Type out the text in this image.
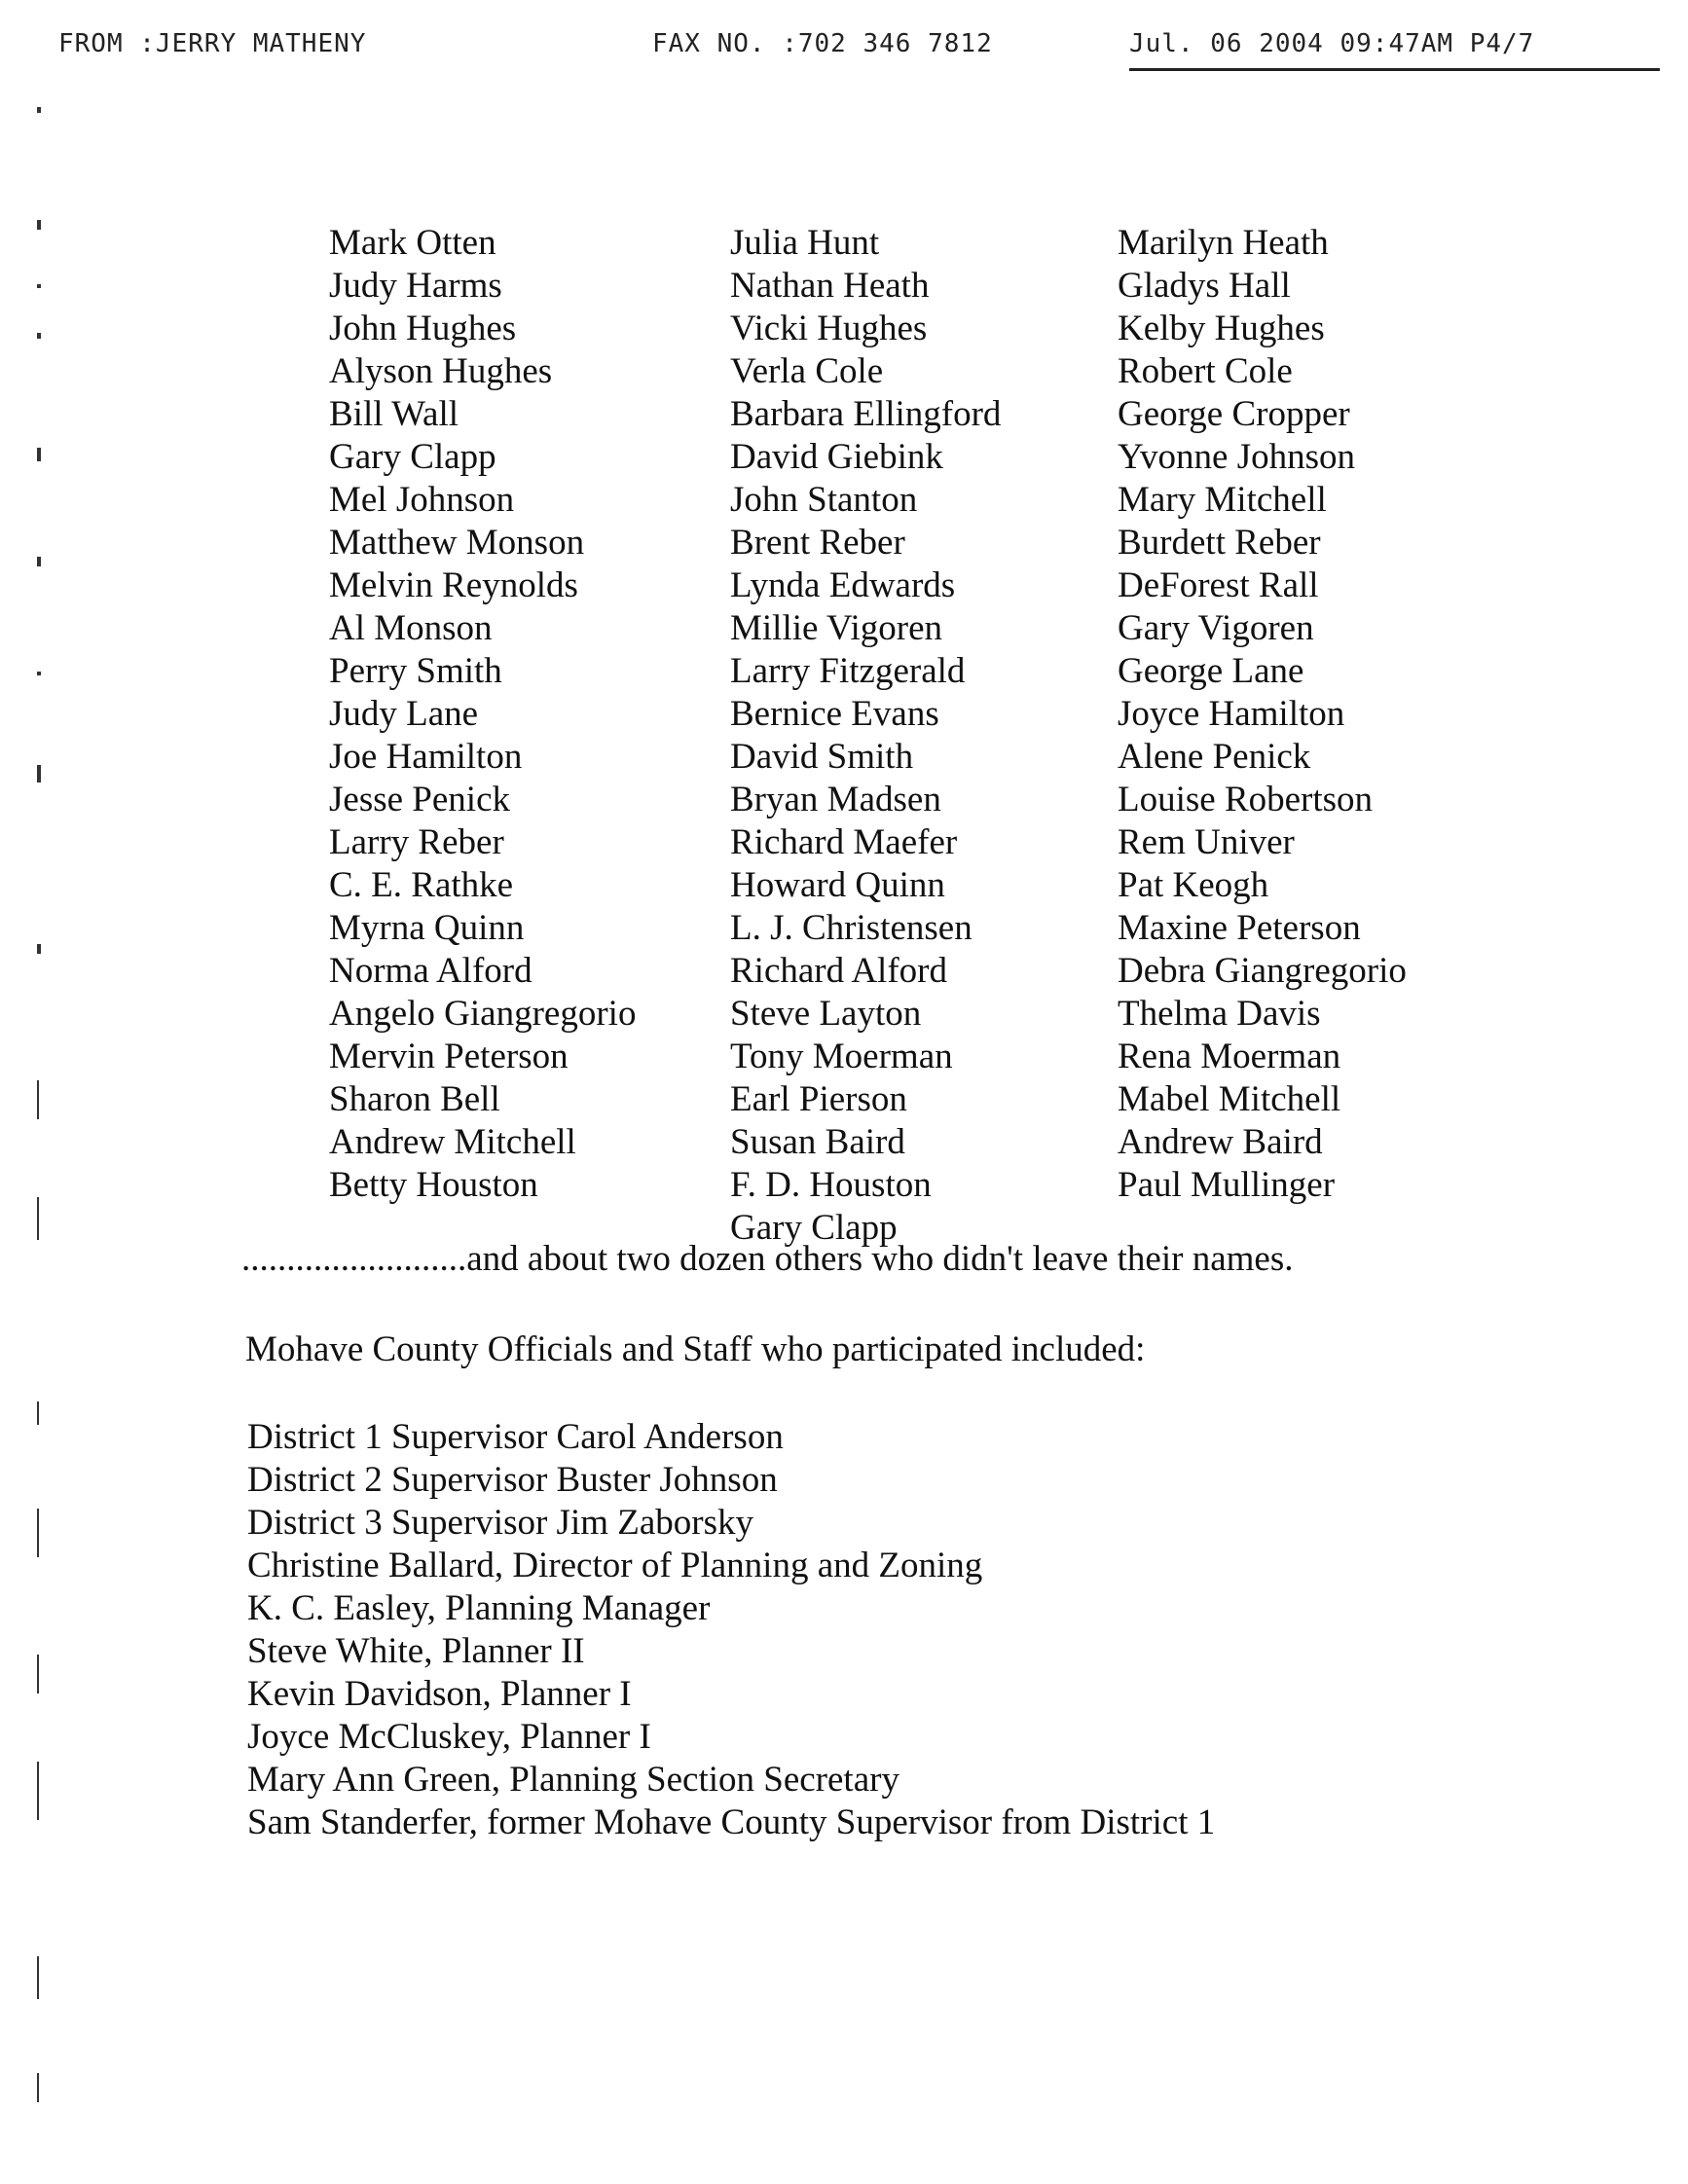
FROM :JERRY MATHENY	FAX NO. :702 346 7812	Jul. 06 2004 09:47AM P4/7
Mark Otten
Judy Harms
John Hughes
Alyson Hughes
Bill Wall
Gary Clapp
Mel Johnson
Matthew Monson
Melvin Reynolds
Al Monson
Perry Smith
Judy Lane
Joe Hamilton
Jesse Penick
Larry Reber
C. E. Rathke
Myrna Quinn
Norma Alford
Angelo Giangregorio
Mervin Peterson
Sharon Bell
Andrew Mitchell
Betty Houston
Julia Hunt
Nathan Heath
Vicki Hughes
Verla Cole
Barbara Ellingford
David Giebink
John Stanton
Brent Reber
Lynda Edwards
Millie Vigoren
Larry Fitzgerald
Bernice Evans
David Smith
Bryan Madsen
Richard Maefer
Howard Quinn
L. J. Christensen
Richard Alford
Steve Layton
Tony Moerman
Earl Pierson
Susan Baird
F. D. Houston
Gary Clapp
Marilyn Heath
Gladys Hall
Kelby Hughes
Robert Cole
George Cropper
Yvonne Johnson
Mary Mitchell
Burdett Reber
DeForest Rall
Gary Vigoren
George Lane
Joyce Hamilton
Alene Penick
Louise Robertson
Rem Univer
Pat Keogh
Maxine Peterson
Debra Giangregorio
Thelma Davis
Rena Moerman
Mabel Mitchell
Andrew Baird
Paul Mullinger
.........................and about two dozen others who didn't leave their names.
Mohave County Officials and Staff who participated included:
District 1 Supervisor Carol Anderson
District 2 Supervisor Buster Johnson
District 3 Supervisor Jim Zaborsky
Christine Ballard, Director of Planning and Zoning
K. C. Easley, Planning Manager
Steve White, Planner II
Kevin Davidson, Planner I
Joyce McCluskey, Planner I
Mary Ann Green, Planning Section Secretary
Sam Standerfer, former Mohave County Supervisor from District 1
